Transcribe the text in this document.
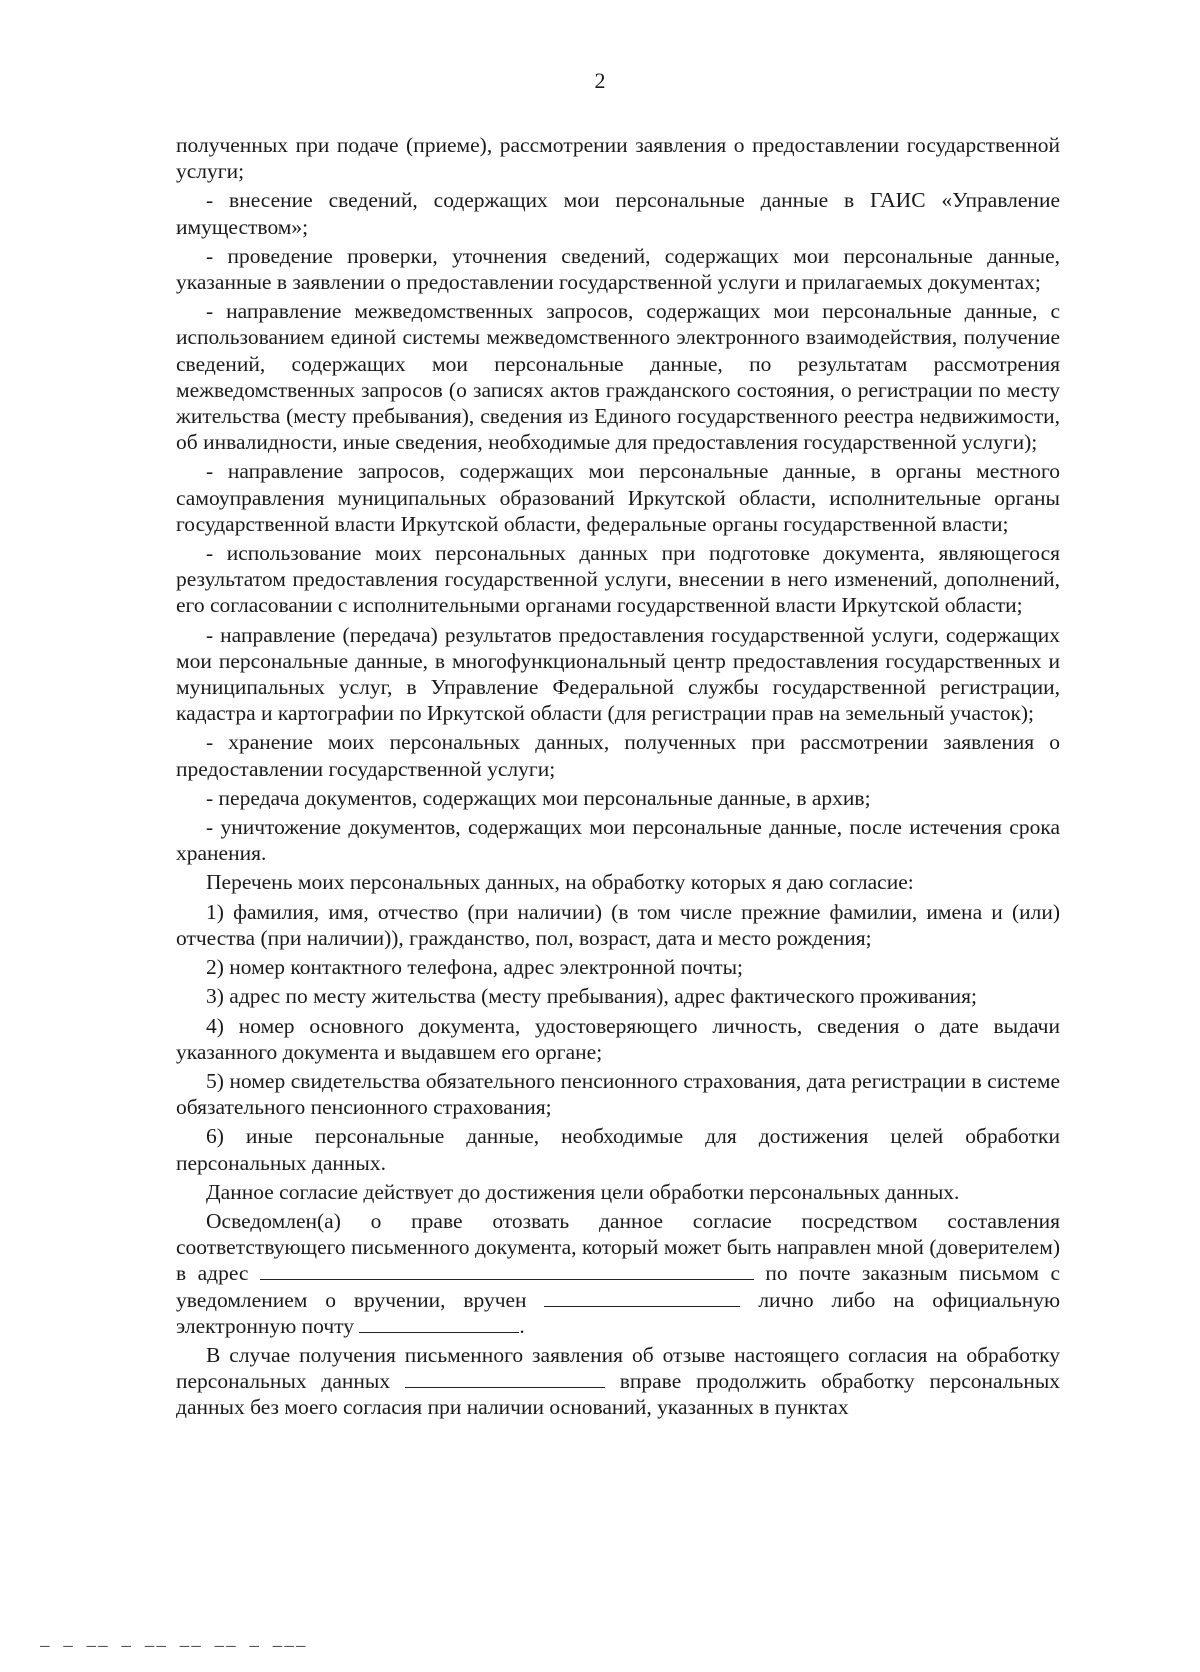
2

полученных при подаче (приеме), рассмотрении заявления о предоставлении государственной услуги;

- внесение сведений, содержащих мои персональные данные в ГАИС «Управление имуществом»;

- проведение проверки, уточнения сведений, содержащих мои персональные данные, указанные в заявлении о предоставлении государственной услуги и прилагаемых документах;

- направление межведомственных запросов, содержащих мои персональные данные, с использованием единой системы межведомственного электронного взаимодействия, получение сведений, содержащих мои персональные данные, по результатам рассмотрения межведомственных запросов (о записях актов гражданского состояния, о регистрации по месту жительства (месту пребывания), сведения из Единого государственного реестра недвижимости, об инвалидности, иные сведения, необходимые для предоставления государственной услуги);

- направление запросов, содержащих мои персональные данные, в органы местного самоуправления муниципальных образований Иркутской области, исполнительные органы государственной власти Иркутской области, федеральные органы государственной власти;

- использование моих персональных данных при подготовке документа, являющегося результатом предоставления государственной услуги, внесении в него изменений, дополнений, его согласовании с исполнительными органами государственной власти Иркутской области;

- направление (передача) результатов предоставления государственной услуги, содержащих мои персональные данные, в многофункциональный центр предоставления государственных и муниципальных услуг, в Управление Федеральной службы государственной регистрации, кадастра и картографии по Иркутской области (для регистрации прав на земельный участок);

- хранение моих персональных данных, полученных при рассмотрении заявления о предоставлении государственной услуги;

- передача документов, содержащих мои персональные данные, в архив;

- уничтожение документов, содержащих мои персональные данные, после истечения срока хранения.

Перечень моих персональных данных, на обработку которых я даю согласие:

1) фамилия, имя, отчество (при наличии) (в том числе прежние фамилии, имена и (или) отчества (при наличии)), гражданство, пол, возраст, дата и место рождения;

2) номер контактного телефона, адрес электронной почты;

3) адрес по месту жительства (месту пребывания), адрес фактического проживания;

4) номер основного документа, удостоверяющего личность, сведения о дате выдачи указанного документа и выдавшем его органе;

5) номер свидетельства обязательного пенсионного страхования, дата регистрации в системе обязательного пенсионного страхования;

6) иные персональные данные, необходимые для достижения целей обработки персональных данных.

Данное согласие действует до достижения цели обработки персональных данных.

Осведомлен(а) о праве отозвать данное согласие посредством составления соответствующего письменного документа, который может быть направлен мной (доверителем) в адрес	по почте заказным письмом с уведомлением о вручении, вручен	лично либо на официальную электронную почту	.

В случае получения письменного заявления об отзыве настоящего согласия на обработку персональных данных	вправе продолжить обработку персональных данных без моего согласия при наличии оснований, указанных в пунктах

— — —— — —— —— —— — ———
